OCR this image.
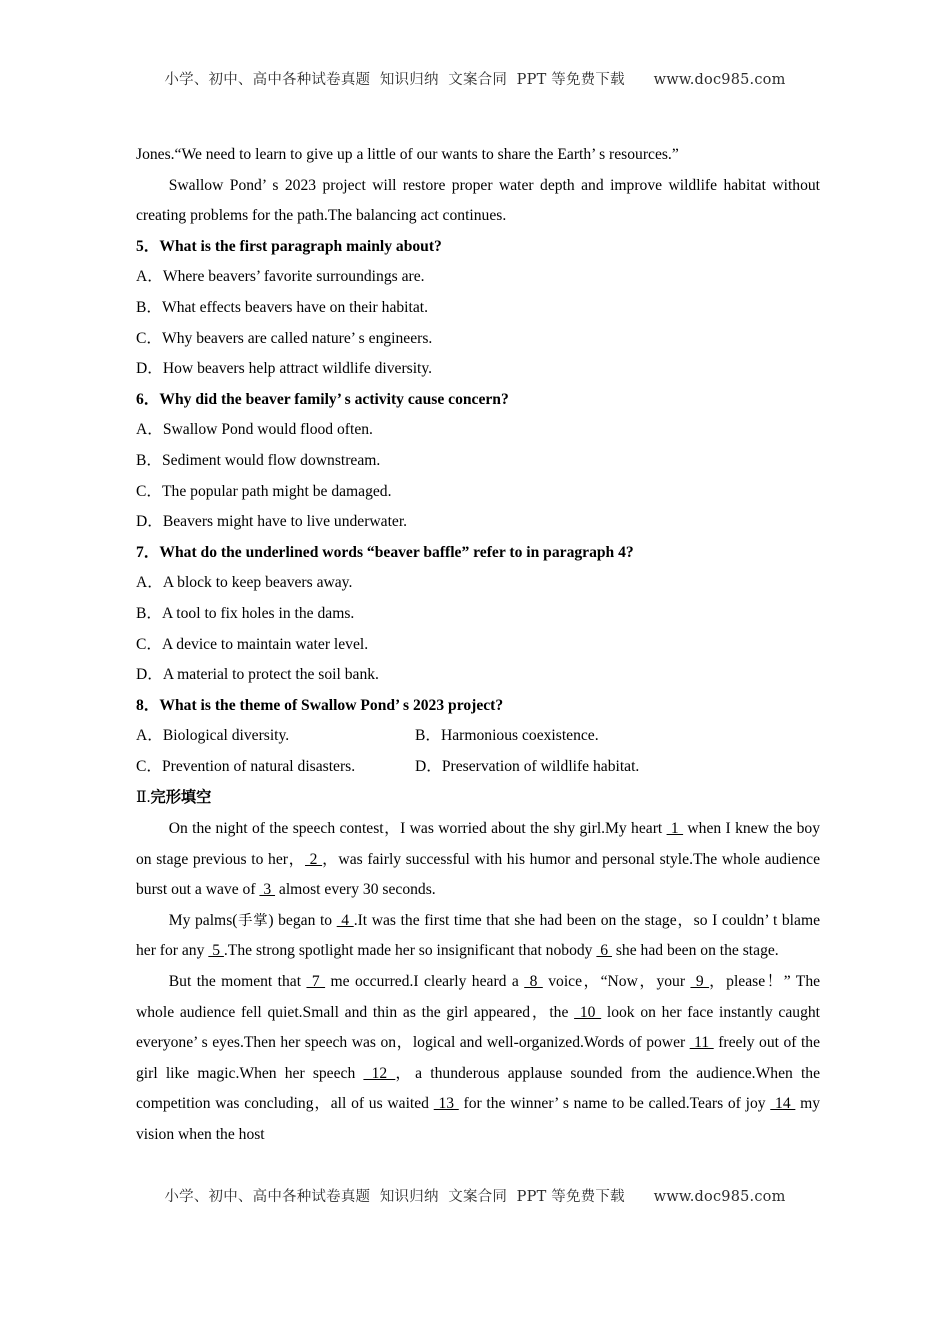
小学、初中、高中各种试卷真题  知识归纳  文案合同  PPT 等免费下载      www.doc985.com

Jones.“We need to learn to give up a little of our wants to share the Earth’ s resources.”

Swallow Pond’ s 2023 project will restore proper water depth and improve wildlife habitat without creating problems for the path.The balancing act continues.

5．What is the first paragraph mainly about?

A．Where beavers’ favorite surroundings are.

B．What effects beavers have on their habitat.

C．Why beavers are called nature’ s engineers.

D．How beavers help attract wildlife diversity.

6．Why did the beaver family’ s activity cause concern?

A．Swallow Pond would flood often.

B．Sediment would flow downstream.

C．The popular path might be damaged.

D．Beavers might have to live underwater.

7．What do the underlined words “beaver baffle” refer to in paragraph 4?

A．A block to keep beavers away.

B．A tool to fix holes in the dams.

C．A device to maintain water level.

D．A material to protect the soil bank.

8．What is the theme of Swallow Pond’ s 2023 project?

A．Biological diversity.	B．Harmonious coexistence.

C．Prevention of natural disasters.	D．Preservation of wildlife habitat.

Ⅱ.完形填空

On the night of the speech contest，I was worried about the shy girl.My heart  1  when I knew the boy on stage previous to her， 2 ，was fairly successful with his humor and personal style.The whole audience burst out a wave of  3  almost every 30 seconds.

My palms(手掌) began to  4 .It was the first time that she had been on the stage，so I couldn’ t blame her for any  5 .The strong spotlight made her so insignificant that nobody  6  she had been on the stage.

But the moment that  7  me occurred.I clearly heard a  8  voice，“Now，your  9 ，please！” The whole audience fell quiet.Small and thin as the girl appeared，the  10  look on her face instantly caught everyone’ s eyes.Then her speech was on，logical and well-organized.Words of power  11  freely out of the girl like magic.When her speech  12 ，a thunderous applause sounded from the audience.When the competition was concluding，all of us waited  13  for the winner’ s name to be called.Tears of joy  14  my vision when the host

小学、初中、高中各种试卷真题  知识归纳  文案合同  PPT 等免费下载      www.doc985.com
